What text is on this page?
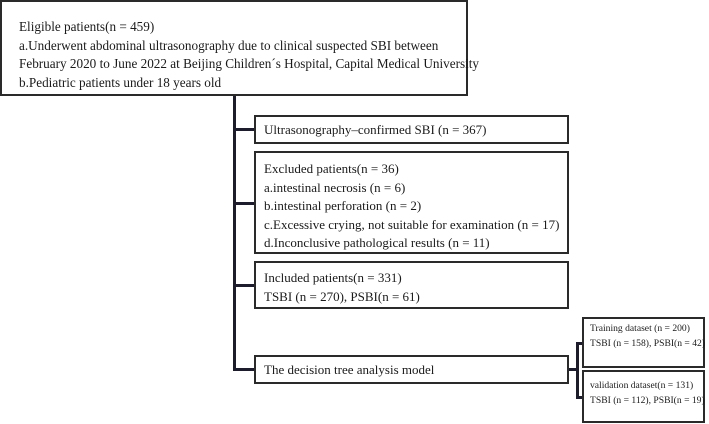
Eligible patients(n = 459)
a.Underwent abdominal ultrasonography due to clinical suspected SBI between
February 2020 to June 2022 at Beijing Children´s Hospital, Capital Medical University
b.Pediatric patients under 18 years old
Ultrasonography–confirmed SBI (n = 367)
Excluded patients(n = 36)
a.intestinal necrosis (n = 6)
b.intestinal perforation (n = 2)
c.Excessive crying, not suitable for examination (n = 17)
d.Inconclusive pathological results (n = 11)
Included patients(n = 331)
TSBI (n = 270), PSBI(n = 61)
The decision tree analysis model
Training dataset (n = 200)
TSBI (n = 158), PSBI(n = 42)
validation dataset(n = 131)
TSBI (n = 112), PSBI(n = 19)
